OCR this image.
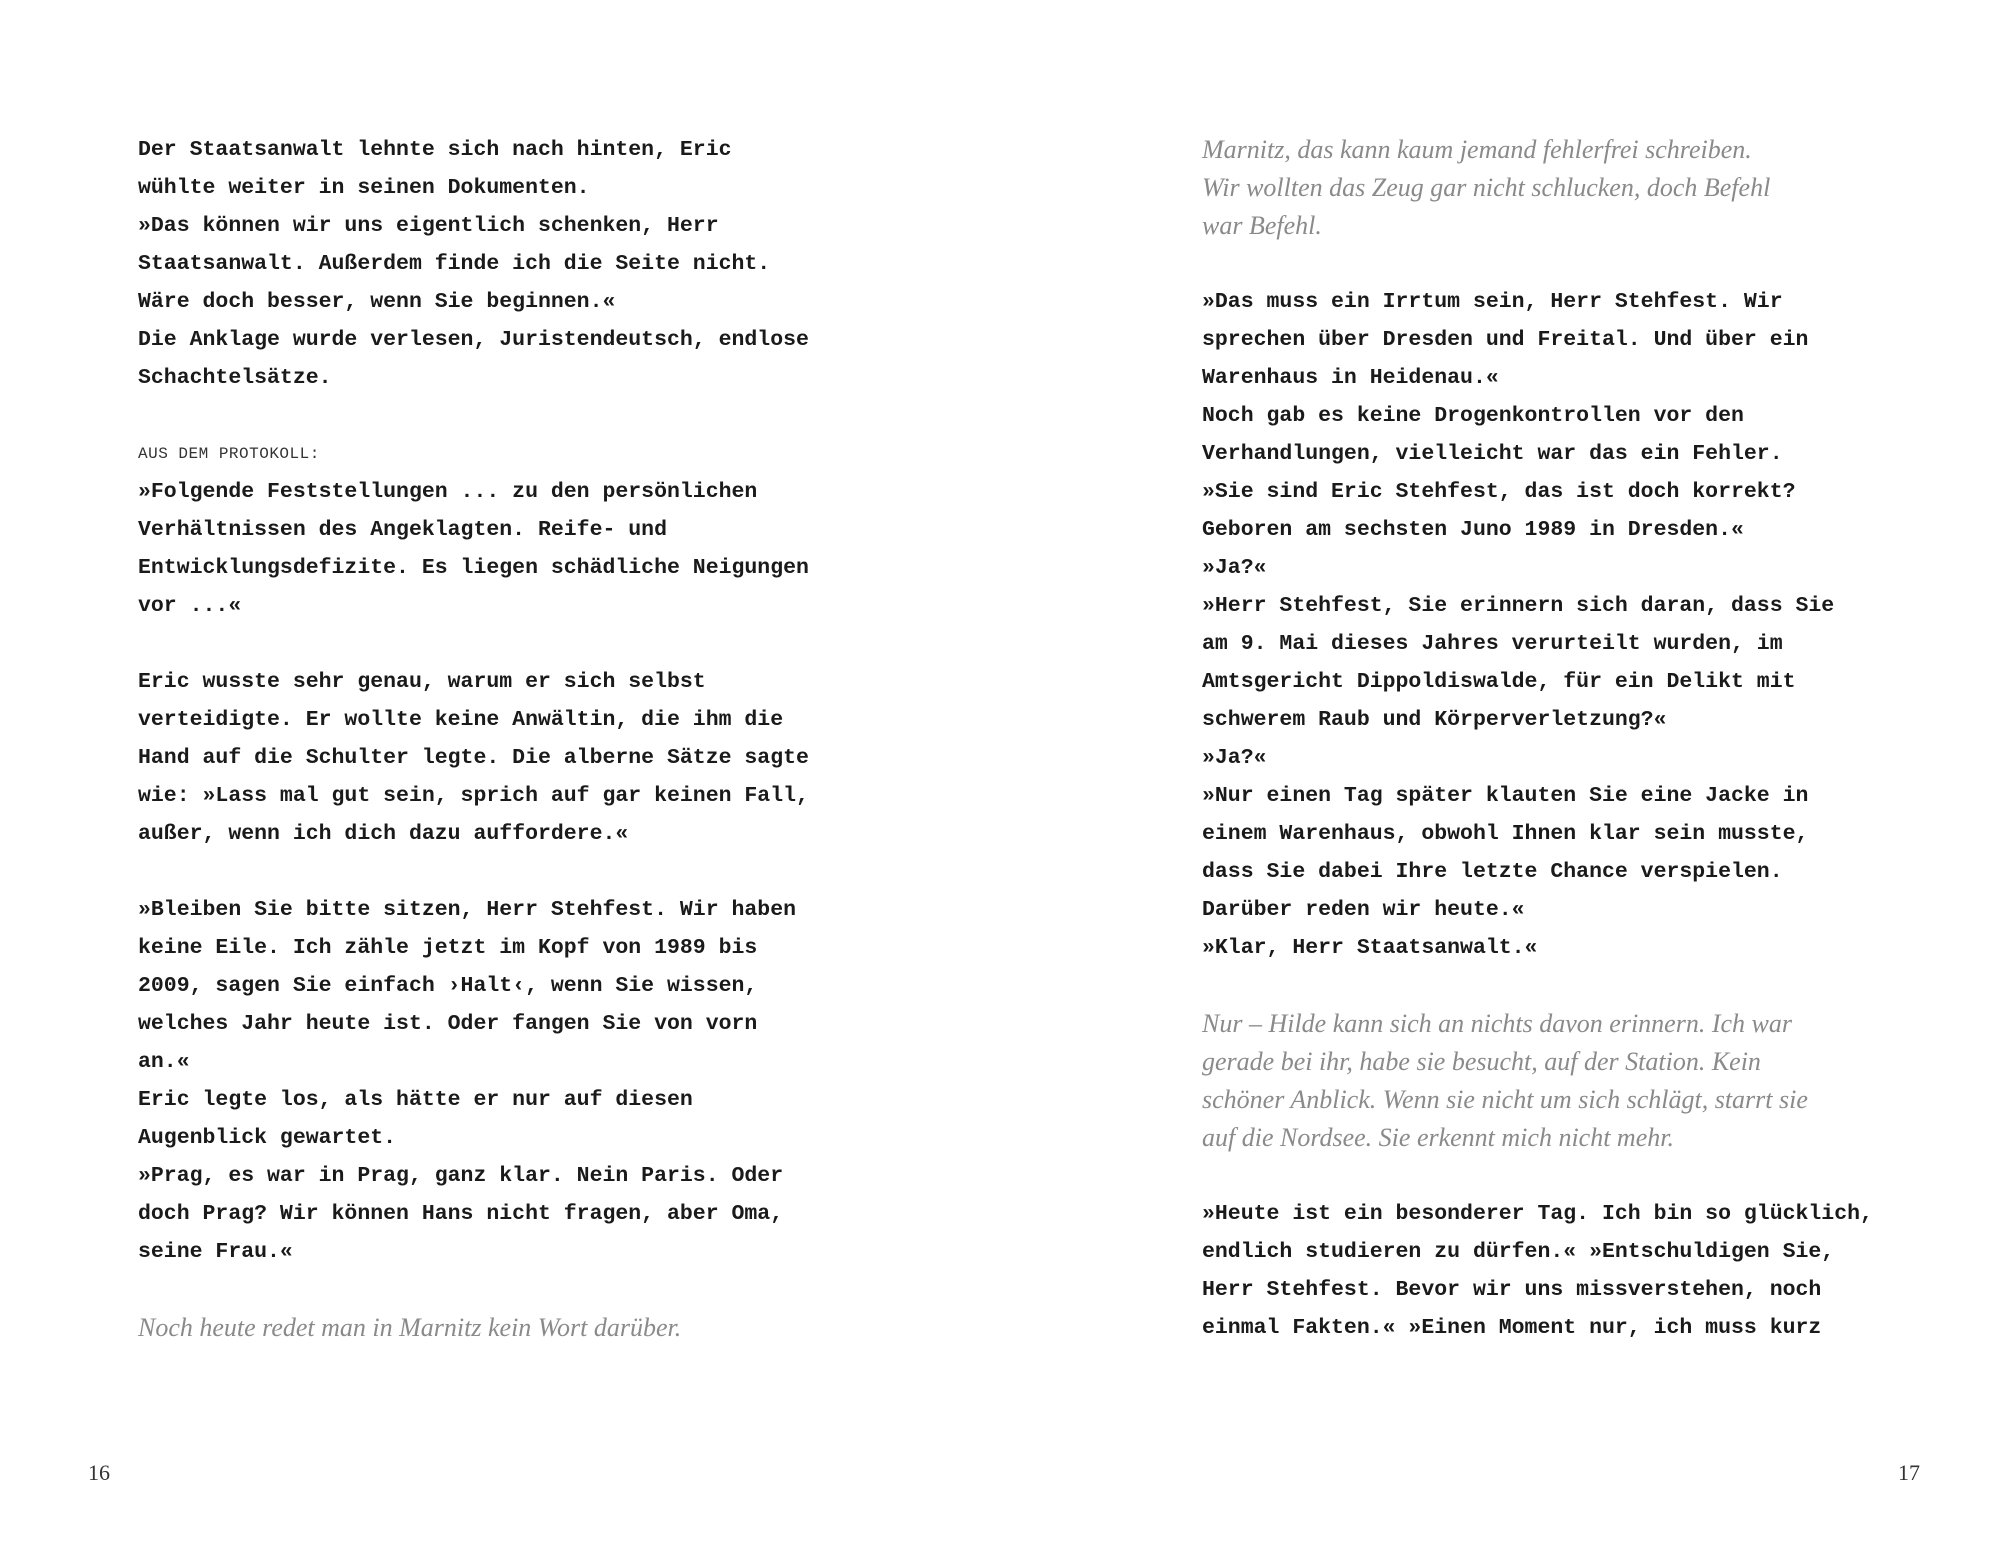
Der Staatsanwalt lehnte sich nach hinten, Eric

wühlte weiter in seinen Dokumenten.

»Das können wir uns eigentlich schenken, Herr

Staatsanwalt. Außerdem finde ich die Seite nicht.

Wäre doch besser, wenn Sie beginnen.«

Die Anklage wurde verlesen, Juristendeutsch, endlose

Schachtelsätze.

AUS DEM PROTOKOLL:

»Folgende Feststellungen ... zu den persönlichen

Verhältnissen des Angeklagten. Reife- und

Entwicklungsdefizite. Es liegen schädliche Neigungen

vor ...«

Eric wusste sehr genau, warum er sich selbst

verteidigte. Er wollte keine Anwältin, die ihm die

Hand auf die Schulter legte. Die alberne Sätze sagte

wie: »Lass mal gut sein, sprich auf gar keinen Fall,

außer, wenn ich dich dazu auffordere.«

»Bleiben Sie bitte sitzen, Herr Stehfest. Wir haben

keine Eile. Ich zähle jetzt im Kopf von 1989 bis

2009, sagen Sie einfach ›Halt‹, wenn Sie wissen,

welches Jahr heute ist. Oder fangen Sie von vorn

an.«

Eric legte los, als hätte er nur auf diesen

Augenblick gewartet.

»Prag, es war in Prag, ganz klar. Nein Paris. Oder

doch Prag? Wir können Hans nicht fragen, aber Oma,

seine Frau.«

Noch heute redet man in Marnitz kein Wort darüber.

16

Marnitz, das kann kaum jemand fehlerfrei schreiben.

Wir wollten das Zeug gar nicht schlucken, doch Befehl

war Befehl.

»Das muss ein Irrtum sein, Herr Stehfest. Wir

sprechen über Dresden und Freital. Und über ein

Warenhaus in Heidenau.«

Noch gab es keine Drogenkontrollen vor den

Verhandlungen, vielleicht war das ein Fehler.

»Sie sind Eric Stehfest, das ist doch korrekt?

Geboren am sechsten Juno 1989 in Dresden.«

»Ja?«

»Herr Stehfest, Sie erinnern sich daran, dass Sie

am 9. Mai dieses Jahres verurteilt wurden, im

Amtsgericht Dippoldiswalde, für ein Delikt mit

schwerem Raub und Körperverletzung?«

»Ja?«

»Nur einen Tag später klauten Sie eine Jacke in

einem Warenhaus, obwohl Ihnen klar sein musste,

dass Sie dabei Ihre letzte Chance verspielen.

Darüber reden wir heute.«

»Klar, Herr Staatsanwalt.«

Nur – Hilde kann sich an nichts davon erinnern. Ich war

gerade bei ihr, habe sie besucht, auf der Station. Kein

schöner Anblick. Wenn sie nicht um sich schlägt, starrt sie

auf die Nordsee. Sie erkennt mich nicht mehr.

»Heute ist ein besonderer Tag. Ich bin so glücklich,

endlich studieren zu dürfen.« »Entschuldigen Sie,

Herr Stehfest. Bevor wir uns missverstehen, noch

einmal Fakten.« »Einen Moment nur, ich muss kurz

17
